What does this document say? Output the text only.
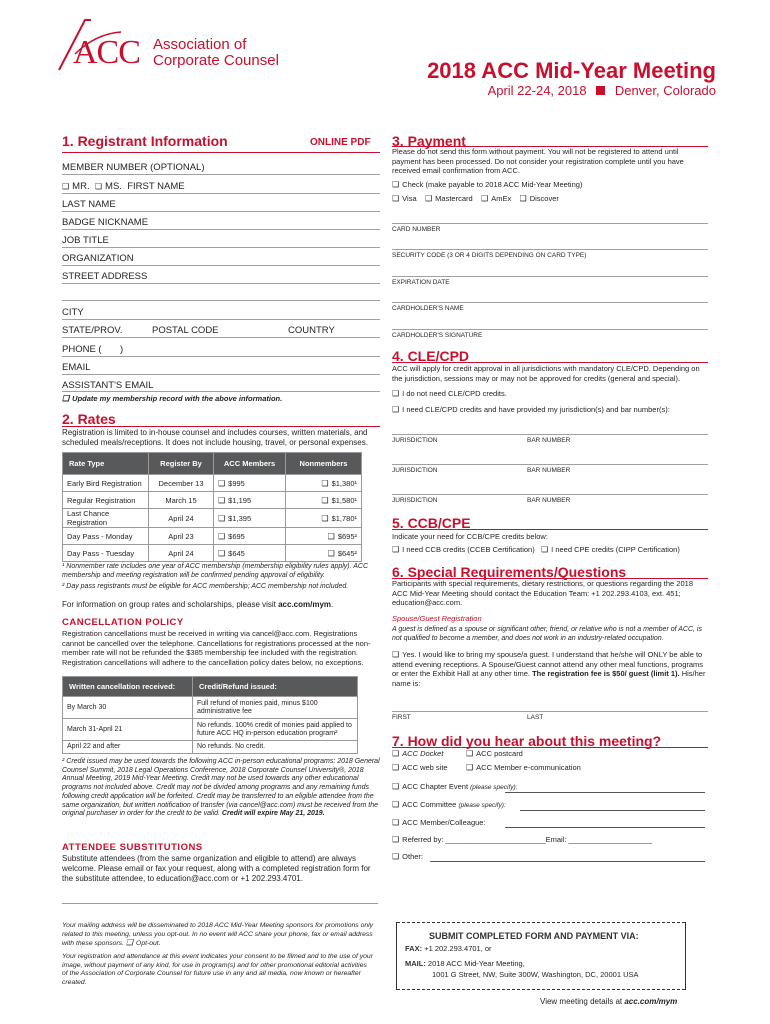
ACC Association of
Corporate Counsel	2018 ACC Mid-Year Meeting
April 22-24, 2018 Denver, Colorado
1. Registrant Information	ONLINE PDF
MEMBER NUMBER (OPTIONAL)
❑ MR. ❑ MS. FIRST NAME
LAST NAME
BADGE NICKNAME
JOB TITLE
ORGANIZATION
STREET ADDRESS
CITY
STATE/PROV.	POSTAL CODE	COUNTRY
PHONE (       )
EMAIL
ASSISTANT'S EMAIL
❑ Update my membership record with the above information.
2. Rates
Registration is limited to in-house counsel and includes courses, written materials, and scheduled meals/receptions. It does not include housing, travel, or personal expenses.
Rate Type	Register By	ACC Members	Nonmembers
Early Bird Registration	December 13	❑ $995	❑ $1,380¹
Regular Registration	March 15	❑ $1,195	❑ $1,580¹
Last Chance Registration	April 24	❑ $1,395	❑ $1,780¹
Day Pass - Monday	April 23	❑ $695	❑ $695²
Day Pass - Tuesday	April 24	❑ $645	❑ $645²
¹ Nonmember rate includes one year of ACC membership (membership eligibility rules apply). ACC membership and meeting registration will be confirmed pending approval of eligibility.
² Day pass registrants must be eligible for ACC membership; ACC membership not included.
For information on group rates and scholarships, please visit acc.com/mym.
CANCELLATION POLICY
Registration cancellations must be received in writing via cancel@acc.com. Registrations cannot be cancelled over the telephone. Cancellations for registrations processed at the non-member rate will not be refunded the $385 membership fee included with the registration. Registration cancellations will adhere to the cancellation policy dates below, no exceptions.
Written cancellation received:	Credit/Refund issued:
By March 30	Full refund of monies paid, minus $100 administrative fee
March 31-April 21	No refunds. 100% credit of monies paid applied to future ACC HQ in-person education program²
April 22 and after	No refunds. No credit.
² Credit issued may be used towards the following ACC in-person educational programs: 2018 General Counsel Summit, 2018 Legal Operations Conference, 2018 Corporate Counsel University®, 2018 Annual Meeting, 2019 Mid-Year Meeting. Credit may not be used towards any other educational programs not included above. Credit may not be divided among programs and any remaining funds following credit application will be forfeited. Credit may be transferred to an eligible attendee from the same organization, but written notification of transfer (via cancel@acc.com) must be received from the original purchaser in order for the credit to be valid. Credit will expire May 21, 2019.
ATTENDEE SUBSTITUTIONS
Substitute attendees (from the same organization and eligible to attend) are always welcome. Please email or fax your request, along with a completed registration form for the substitute attendee, to education@acc.com or +1 202.293.4701.
3. Payment
Please do not send this form without payment. You will not be registered to attend until payment has been processed. Do not consider your registration complete until you have received email confirmation from ACC.
❑ Check (make payable to 2018 ACC Mid-Year Meeting)
❑ Visa ❑ Mastercard ❑ AmEx ❑ Discover
CARD NUMBER
SECURITY CODE (3 OR 4 DIGITS DEPENDING ON CARD TYPE)
EXPIRATION DATE
CARDHOLDER'S NAME
CARDHOLDER'S SIGNATURE
4. CLE/CPD
ACC will apply for credit approval in all jurisdictions with mandatory CLE/CPD. Depending on the jurisdiction, sessions may or may not be approved for credits (general and special).
❑ I do not need CLE/CPD credits.
❑ I need CLE/CPD credits and have provided my jurisdiction(s) and bar number(s):
JURISDICTION	BAR NUMBER
JURISDICTION	BAR NUMBER
JURISDICTION	BAR NUMBER
5. CCB/CPE
Indicate your need for CCB/CPE credits below:
❑ I need CCB credits (CCEB Certification) ❑ I need CPE credits (CIPP Certification)
6. Special Requirements/Questions
Participants with special requirements, dietary restrictions, or questions regarding the 2018 ACC Mid-Year Meeting should contact the Education Team: +1 202.293.4103, ext. 451; education@acc.com.
Spouse/Guest Registration
A guest is defined as a spouse or significant other, friend, or relative who is not a member of ACC, is not qualified to become a member, and does not work in an industry-related occupation.
❑ Yes. I would like to bring my spouse/a guest. I understand that he/she will ONLY be able to attend evening receptions. A Spouse/Guest cannot attend any other meal functions, programs or enter the Exhibit Hall at any other time. The registration fee is $50/ guest (limit 1). His/her name is:
FIRST	LAST
7. How did you hear about this meeting?
❑ ACC Docket	❑ ACC postcard
❑ ACC web site ❑ ACC Member e-communication
❑ ACC Chapter Event (please specify):
❑ ACC Committee (please specify):
❑ ACC Member/Colleague:
❑ Referred by: ________________________Email: ____________________
❑ Other:
Your mailing address will be disseminated to 2018 ACC Mid-Year Meeting sponsors for promotions only related to this meeting, unless you opt-out. In no event will ACC share your phone, fax or email address with these sponsors. ❑ Opt-out.
Your registration and attendance at this event indicates your consent to be filmed and to the use of your image, without payment of any kind, for use in program(s) and for other promotional editorial activities of the Association of Corporate Counsel for future use in any and all media, now known or hereafter created.
SUBMIT COMPLETED FORM AND PAYMENT VIA:
FAX: +1 202.293.4701, or
MAIL: 2018 ACC Mid-Year Meeting,
1001 G Street, NW, Suite 300W, Washington, DC, 20001 USA
View meeting details at acc.com/mym
